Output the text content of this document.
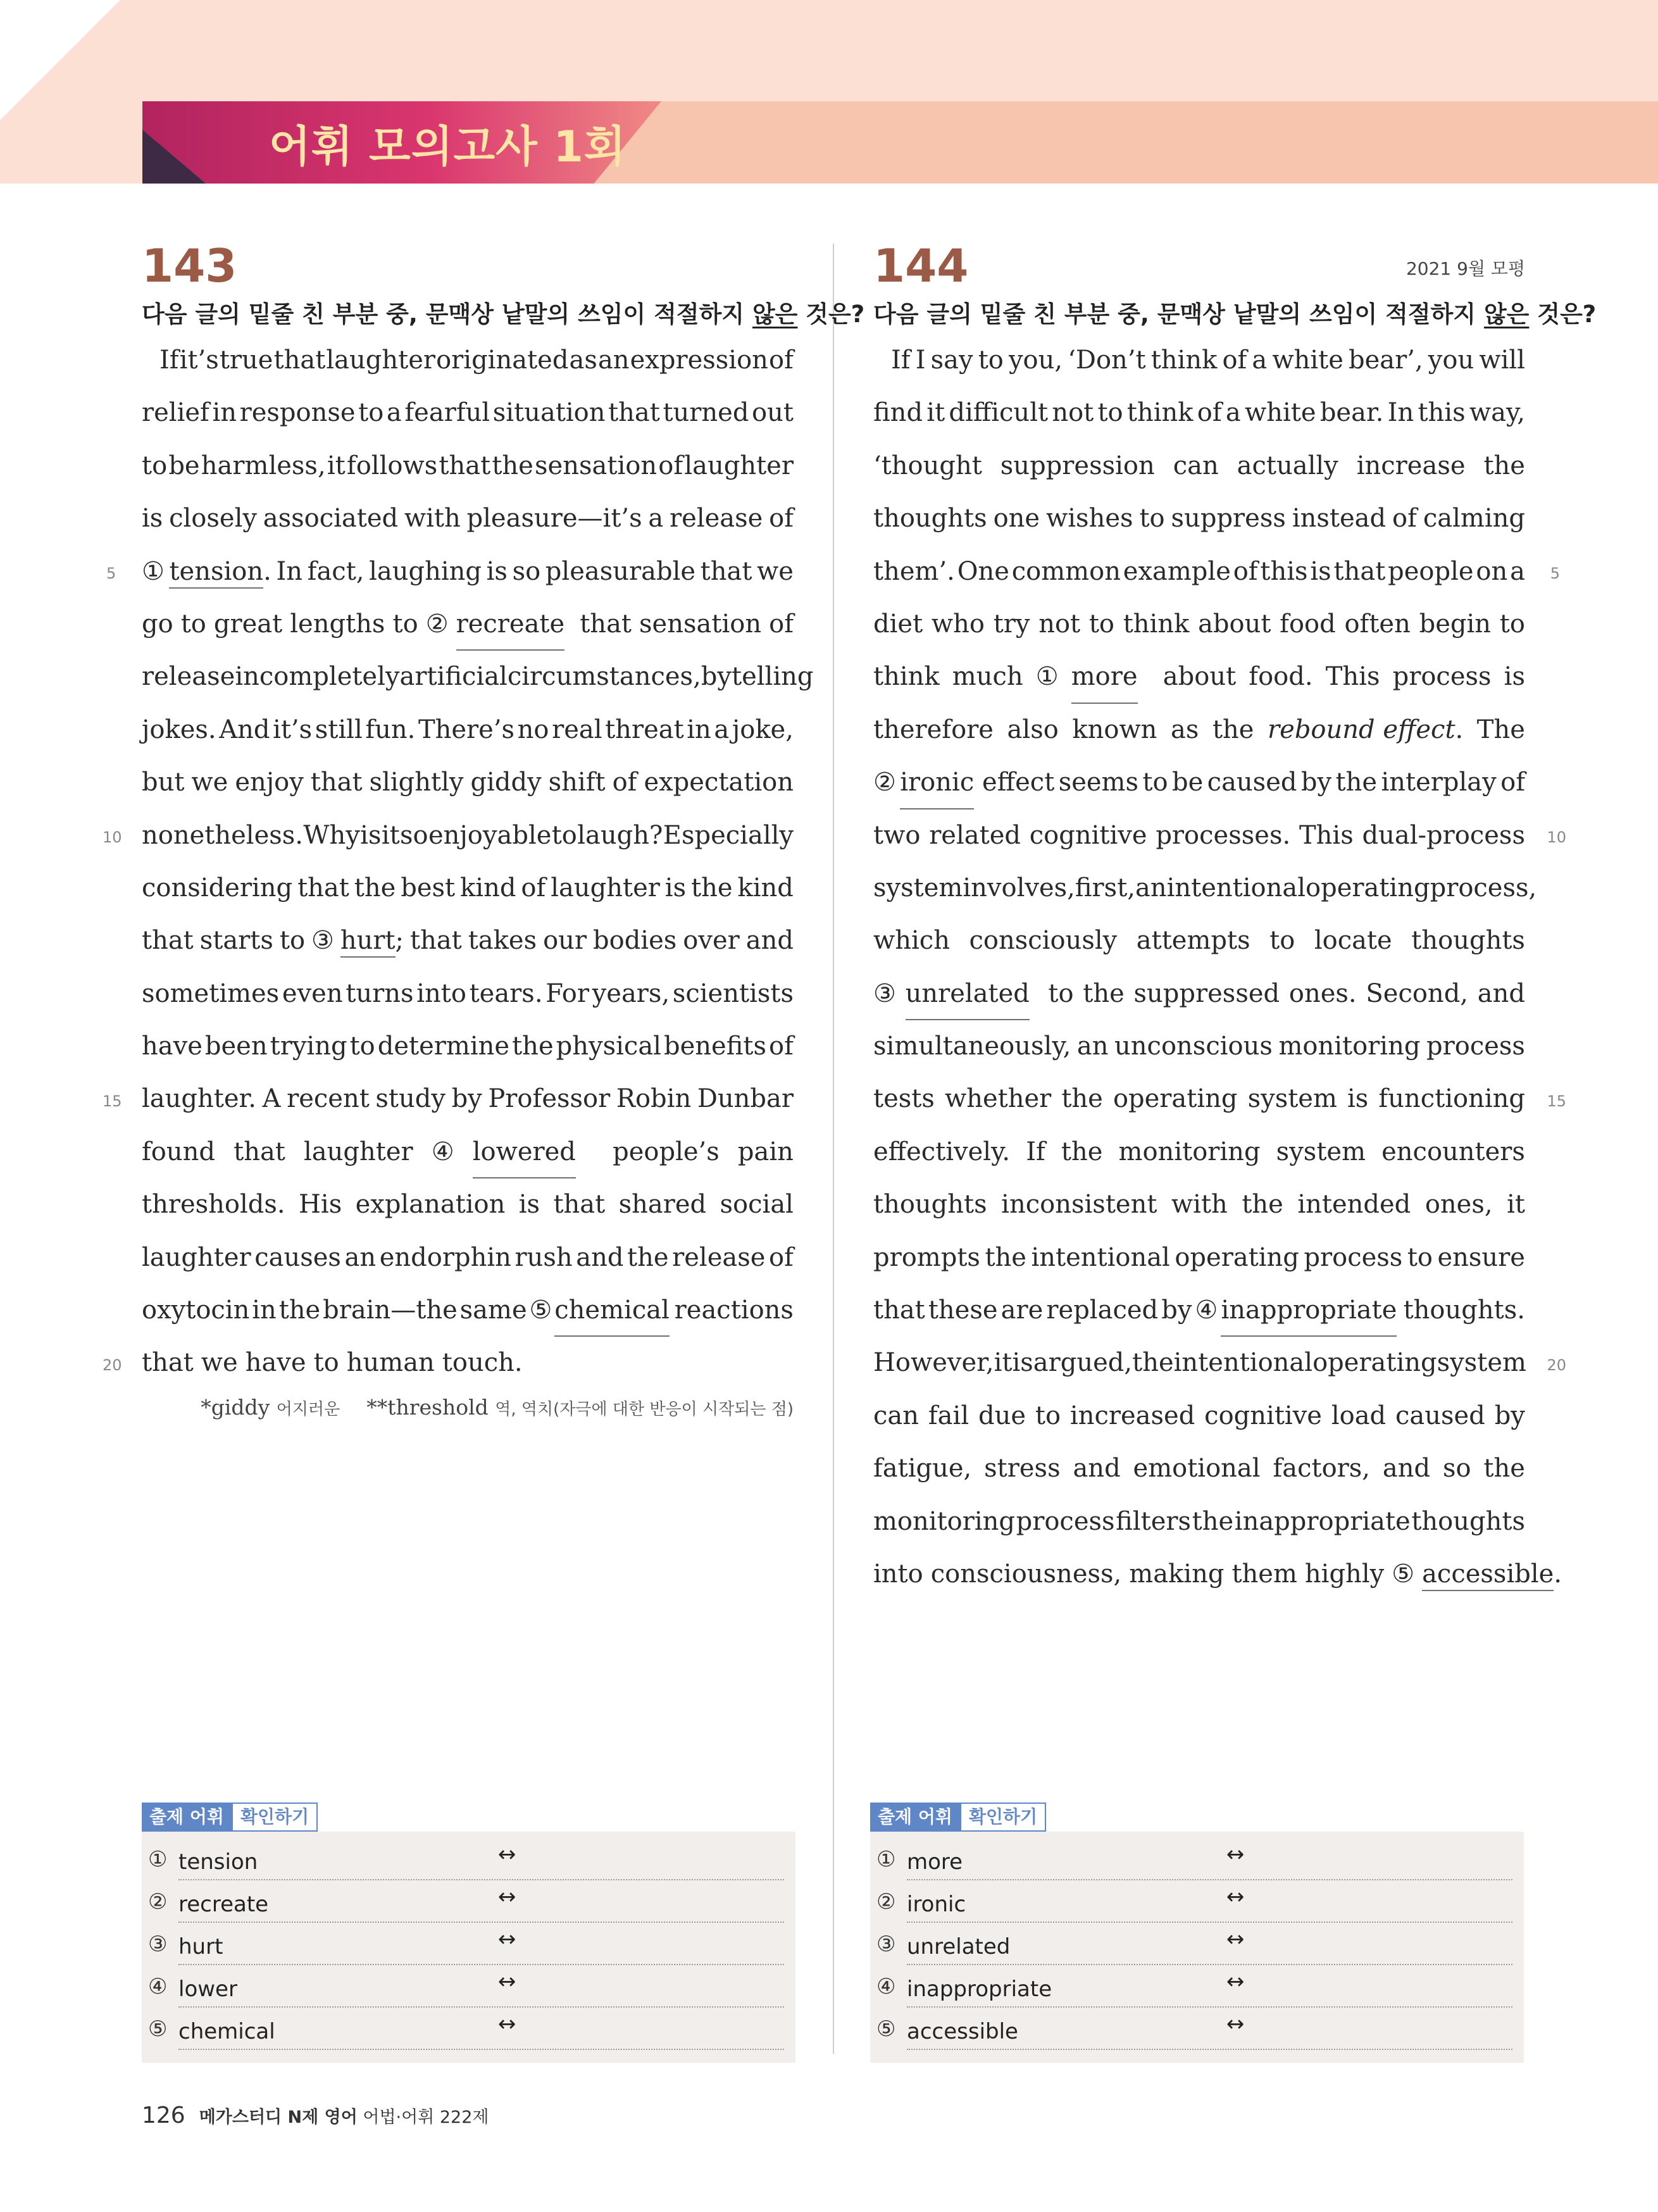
어휘 모의고사 1회
143
다음 글의 밑줄 친 부분 중, 문맥상 낱말의 쓰임이 적절하지 않은 것은?
If it’s true that laughter originated as an expression of
relief in response to a fearful situation that turned out
to be harmless, it follows that the sensation of laughter
is closely associated with pleasure—it’s a release of
① tension. In fact, laughing is so pleasurable that we
go to great lengths to ② recreate that sensation of
release in completely artificial circumstances, by telling
jokes. And it’s still fun. There’s no real threat in a joke,
but we enjoy that slightly giddy shift of expectation
nonetheless. Why is it so enjoyable to laugh? Especially
considering that the best kind of laughter is the kind
that starts to ③ hurt; that takes our bodies over and
sometimes even turns into tears. For years, scientists
have been trying to determine the physical benefits of
laughter. A recent study by Professor Robin Dunbar
found that laughter ④ lowered people’s pain
thresholds. His explanation is that shared social
laughter causes an endorphin rush and the release of
oxytocin in the brain—the same ⑤ chemical reactions
that we have to human touch.
5
10
15
20
*giddy 어지러운 **threshold 역, 역치(자극에 대한 반응이 시작되는 점)
144	2021 9월 모평
다음 글의 밑줄 친 부분 중, 문맥상 낱말의 쓰임이 적절하지 않은 것은?
If I say to you, ‘Don’t think of a white bear’, you will
find it difficult not to think of a white bear. In this way,
‘thought suppression can actually increase the
thoughts one wishes to suppress instead of calming
them’. One common example of this is that people on a
diet who try not to think about food often begin to
think much ① more about food. This process is
therefore also known as the rebound effect. The
② ironic effect seems to be caused by the interplay of
two related cognitive processes. This dual-process
system involves, first, an intentional operating process,
which consciously attempts to locate thoughts
③ unrelated to the suppressed ones. Second, and
simultaneously, an unconscious monitoring process
tests whether the operating system is functioning
effectively. If the monitoring system encounters
thoughts inconsistent with the intended ones, it
prompts the intentional operating process to ensure
that these are replaced by ④ inappropriate thoughts.
However, it is argued, the intentional operating system
can fail due to increased cognitive load caused by
fatigue, stress and emotional factors, and so the
monitoring process filters the inappropriate thoughts
into consciousness, making them highly ⑤ accessible.
5
10
15
20
출제 어휘 확인하기
① tension	↔
② recreate	↔
③ hurt	↔
④ lower	↔
⑤ chemical	↔
출제 어휘 확인하기
① more	↔
② ironic	↔
③ unrelated	↔
④ inappropriate	↔
⑤ accessible	↔
126 메가스터디 N제 영어 어법·어휘 222제
